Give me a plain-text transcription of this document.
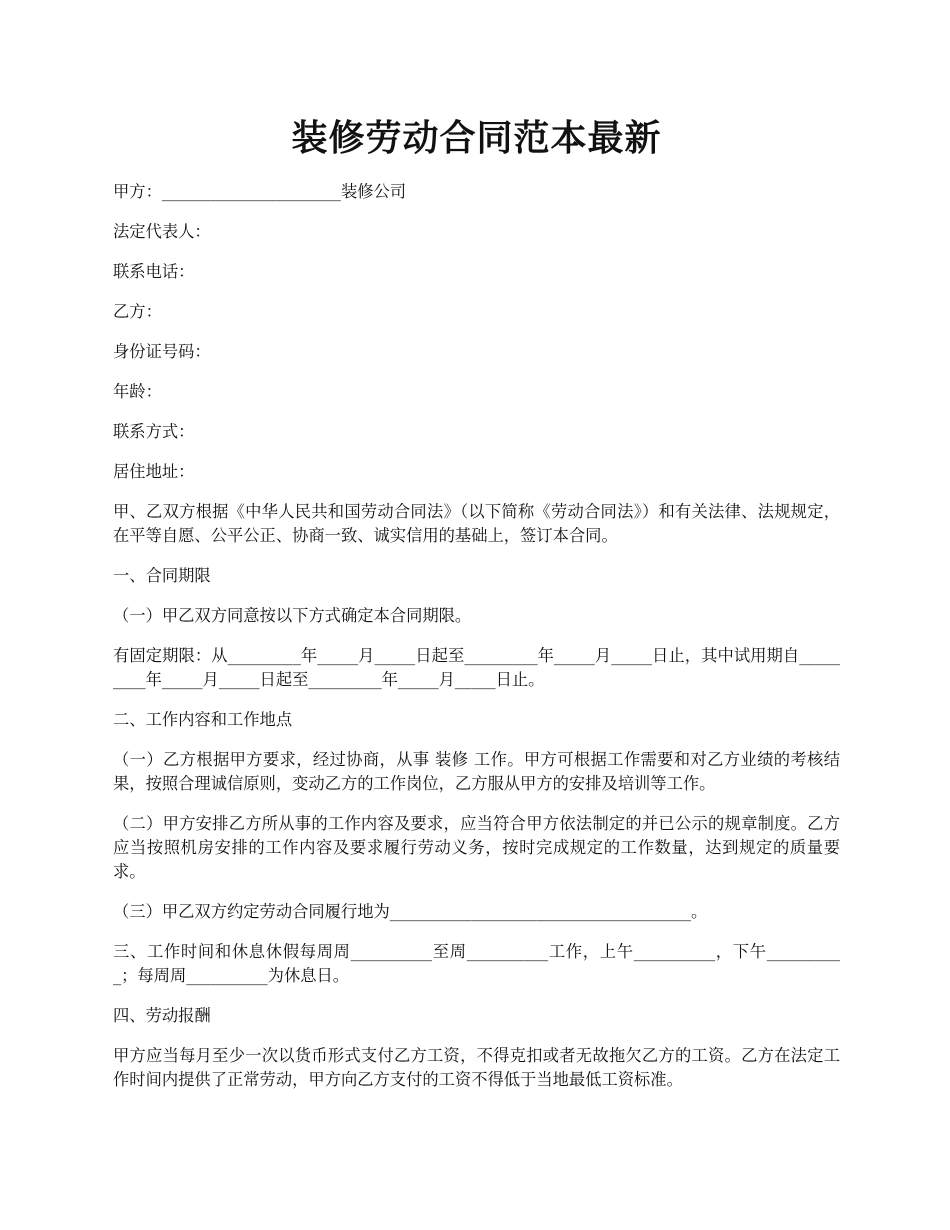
装修劳动合同范本最新

甲方：______________________装修公司

法定代表人：

联系电话：

乙方：

身份证号码：

年龄：

联系方式：

居住地址：

甲、乙双方根据《中华人民共和国劳动合同法》（以下简称《劳动合同法》）和有关法律、法规规定，在平等自愿、公平公正、协商一致、诚实信用的基础上，签订本合同。

一、合同期限

（一）甲乙双方同意按以下方式确定本合同期限。

有固定期限：从_________年_____月_____日起至_________年_____月_____日止，其中试用期自_________年_____月_____日起至_________年_____月_____日止。

二、工作内容和工作地点

（一）乙方根据甲方要求，经过协商，从事 装修 工作。甲方可根据工作需要和对乙方业绩的考核结果，按照合理诚信原则，变动乙方的工作岗位，乙方服从甲方的安排及培训等工作。

（二）甲方安排乙方所从事的工作内容及要求，应当符合甲方依法制定的并已公示的规章制度。乙方应当按照机房安排的工作内容及要求履行劳动义务，按时完成规定的工作数量，达到规定的质量要求。

（三）甲乙双方约定劳动合同履行地为_____________________________________。

三、工作时间和休息休假每周周__________至周__________工作，上午__________，下午__________；每周周__________为休息日。

四、劳动报酬

甲方应当每月至少一次以货币形式支付乙方工资，不得克扣或者无故拖欠乙方的工资。乙方在法定工作时间内提供了正常劳动，甲方向乙方支付的工资不得低于当地最低工资标准。
